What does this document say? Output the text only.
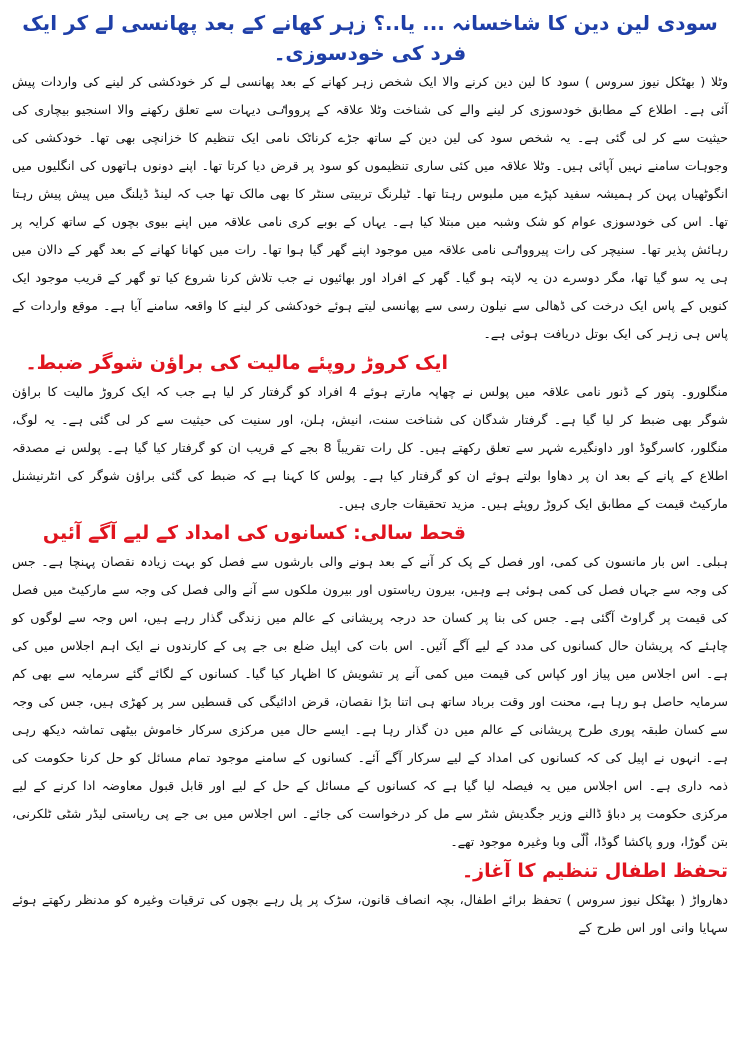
سودی لین دین کا شاخسانہ ... یا..؟ زہر کھانے کے بعد پھانسی لے کر ایک فرد کی خودسوزی۔

وٹلا ( بھٹکل نیوز سروس ) سود کا لین دین کرنے والا ایک شخص زہر کھانے کے بعد پھانسی لے کر خودکشی کر لینے کی واردات پیش آئی ہے۔ اطلاع کے مطابق خودسوزی کر لینے والے کی شناخت وٹلا علاقہ کے پروواٸی دیہات سے تعلق رکھنے والا اسنجیو بیچاری کی حیثیت سے کر لی گئی ہے۔ یہ شخص سود کی لین دین کے ساتھ جڑے کرناٹک نامی ایک تنظیم کا خزانچی بھی تھا۔ خودکشی کی وجوہات سامنے نہیں آپائی ہیں۔ وٹلا علاقہ میں کئی ساری تنظیموں کو سود پر قرض دیا کرتا تھا۔ اپنے دونوں ہاتھوں کی انگلیوں میں انگوٹھیاں پہن کر ہمیشہ سفید کپڑے میں ملبوس رہتا تھا۔ ٹیلرنگ تربیتی سنٹر کا بھی مالک تھا جب کہ لینڈ ڈیلنگ میں پیش پیش رہتا تھا۔ اس کی خودسوزی عوام کو شک وشبہ میں مبتلا کیا ہے۔ یہاں کے بوبے کری نامی علاقہ میں اپنے بیوی بچوں کے ساتھ کرایہ پر رہائش پذیر تھا۔ سنیچر کی رات پیروواٸی نامی علاقہ میں موجود اپنے گھر گیا ہوا تھا۔ رات میں کھانا کھانے کے بعد گھر کے دالان میں ہی یہ سو گیا تھا، مگر دوسرے دن یہ لاپتہ ہو گیا۔ گھر کے افراد اور بھائیوں نے جب تلاش کرنا شروع کیا تو گھر کے قریب موجود ایک کنویں کے پاس ایک درخت کی ڈھالی سے نیلون رسی سے پھانسی لیتے ہوئے خودکشی کر لینے کا واقعہ سامنے آیا ہے۔ موقع واردات کے پاس ہی زہر کی ایک بوتل دریافت ہوئی ہے۔

ایک کروڑ روپئے مالیت کی براؤن شوگر ضبط۔

منگلورو۔ پتور کے ڈنور نامی علاقہ میں پولس نے چھاپہ مارتے ہوئے 4 افراد کو گرفتار کر لیا ہے جب کہ ایک کروڑ مالیت کا براؤن شوگر بھی ضبط کر لیا گیا ہے۔ گرفتار شدگان کی شناخت سنت، انیش، ہلن، اور سنیت کی حیثیت سے کر لی گئی ہے۔ یہ لوگ، منگلور، کاسرگوڈ اور داونگیرے شہر سے تعلق رکھتے ہیں۔ کل رات تقریباً 8 بجے کے قریب ان کو گرفتار کیا گیا ہے۔ پولس نے مصدقہ اطلاع کے پانے کے بعد ان پر دھاوا بولتے ہوئے ان کو گرفتار کیا ہے۔ پولس کا کہنا ہے کہ ضبط کی گئی براؤن شوگر کی انٹرنیشنل مارکیٹ قیمت کے مطابق ایک کروڑ روپئے ہیں۔ مزید تحقیقات جاری ہیں۔

قحط سالی: کسانوں کی امداد کے لیے آگے آئیں

ہبلی۔ اس بار مانسون کی کمی، اور فصل کے پک کر آنے کے بعد ہونے والی بارشوں سے فصل کو بہت زیادہ نقصان پہنچا ہے۔ جس کی وجہ سے جہاں فصل کی کمی ہوئی ہے وہیں، بیرون ریاستوں اور بیرون ملکوں سے آنے والی فصل کی وجہ سے مارکیٹ میں فصل کی قیمت پر گراوٹ آگئی ہے۔ جس کی بنا پر کسان حد درجہ پریشانی کے عالم میں زندگی گذار رہے ہیں، اس وجہ سے لوگوں کو چاہئے کہ پریشان حال کسانوں کی مدد کے لیے آگے آئیں۔ اس بات کی اپیل ضلع بی جے پی کے کارندوں نے ایک اہم اجلاس میں کی ہے۔ اس اجلاس میں پیاز اور کپاس کی قیمت میں کمی آنے پر تشویش کا اظہار کیا گیا۔ کسانوں کے لگائے گئے سرمایہ سے بھی کم سرمایہ حاصل ہو رہا ہے، محنت اور وقت برباد ساتھ ہی اتنا بڑا نقصان، قرض ادائیگی کی قسطیں سر پر کھڑی ہیں، جس کی وجہ سے کسان طبقہ پوری طرح پریشانی کے عالم میں دن گذار رہا ہے۔ ایسے حال میں مرکزی سرکار خاموش بیٹھی تماشہ دیکھ رہی ہے۔ انہوں نے اپیل کی کہ کسانوں کی امداد کے لیے سرکار آگے آئے۔ کسانوں کے سامنے موجود تمام مسائل کو حل کرنا حکومت کی ذمہ داری ہے۔ اس اجلاس میں یہ فیصلہ لیا گیا ہے کہ کسانوں کے مسائل کے حل کے لیے اور قابل قبول معاوضہ ادا کرنے کے لیے مرکزی حکومت پر دباؤ ڈالنے وزیر جگدیش شٹر سے مل کر درخواست کی جائے۔ اس اجلاس میں بی جے پی ریاستی لیڈر شٹی ٹلکرنی، بتن گوڑا، ورو پاکشا گوڈا، اُلّی وبا وغیرہ موجود تھے۔

تحفظ اطفال تنظیم کا آغاز۔

دھارواڑ ( بھٹکل نیوز سروس ) تحفظ برائے اطفال، بچہ انصاف قانون، سڑک پر پل رہے بچوں کی ترقیات وغیرہ کو مدنظر رکھتے ہوئے سہایا وانی اور اس طرح کے
